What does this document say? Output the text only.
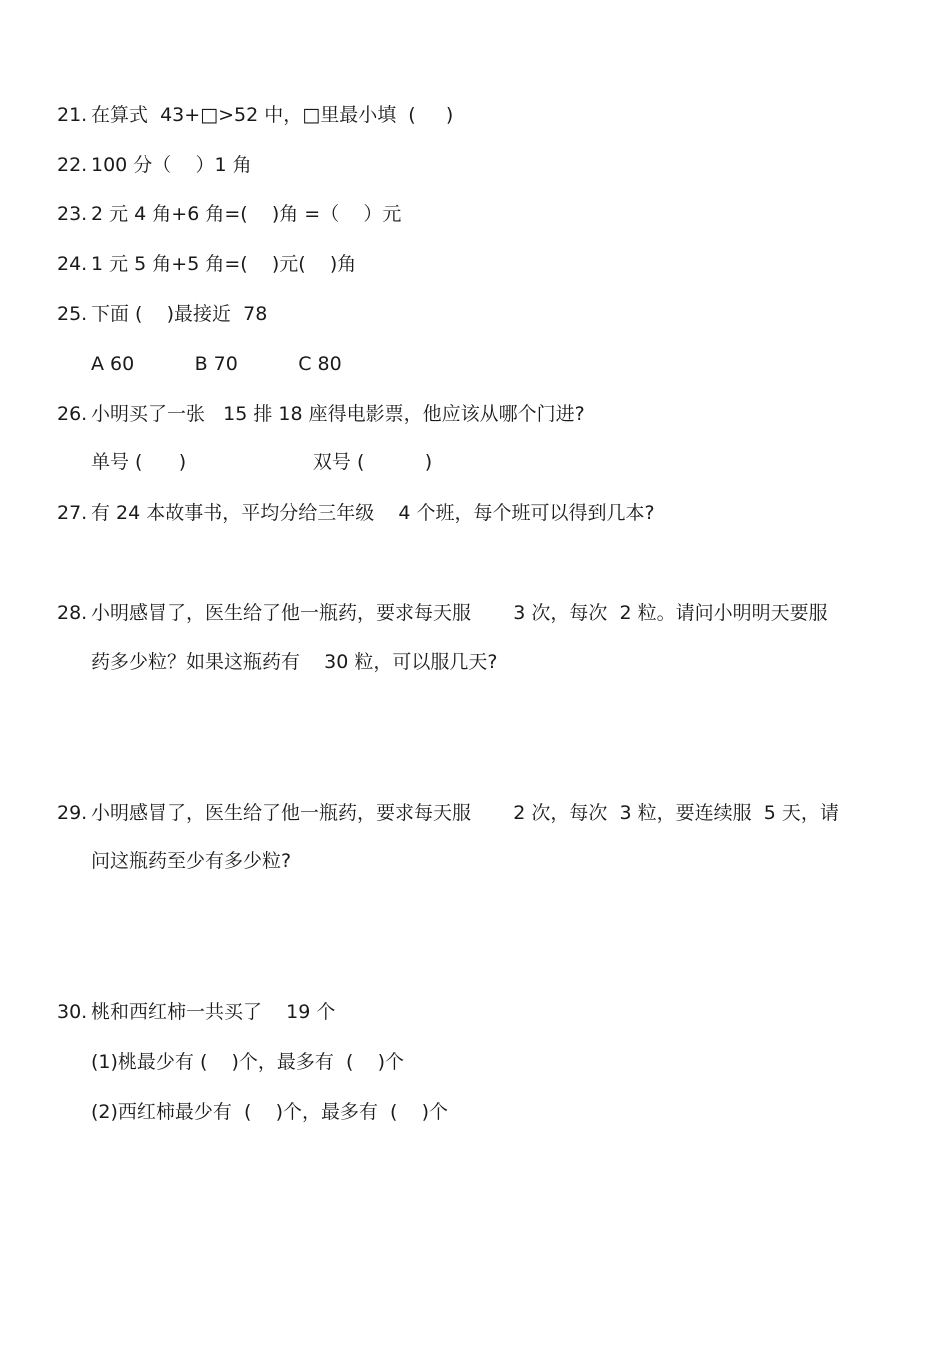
21. 在算式  43+□>52 中，□里最小填  (     )
22. 100 分（    ）1 角
23. 2 元 4 角+6 角=(    )角 =（    ）元
24. 1 元 5 角+5 角=(    )元(    )角
25. 下面 (    )最接近  78
A 60          B 70          C 80
26. 小明买了一张   15 排 18 座得电影票，他应该从哪个门进?
单号 (      )                     双号 (          )
27. 有 24 本故事书，平均分给三年级    4 个班，每个班可以得到几本?
28. 小明感冒了，医生给了他一瓶药，要求每天服       3 次，每次  2 粒。请问小明明天要服
药多少粒？如果这瓶药有    30 粒，可以服几天?
29. 小明感冒了，医生给了他一瓶药，要求每天服       2 次，每次  3 粒，要连续服  5 天，请
问这瓶药至少有多少粒?
30. 桃和西红柿一共买了    19 个
(1)桃最少有 (    )个，最多有  (    )个
(2)西红柿最少有  (    )个，最多有  (    )个
